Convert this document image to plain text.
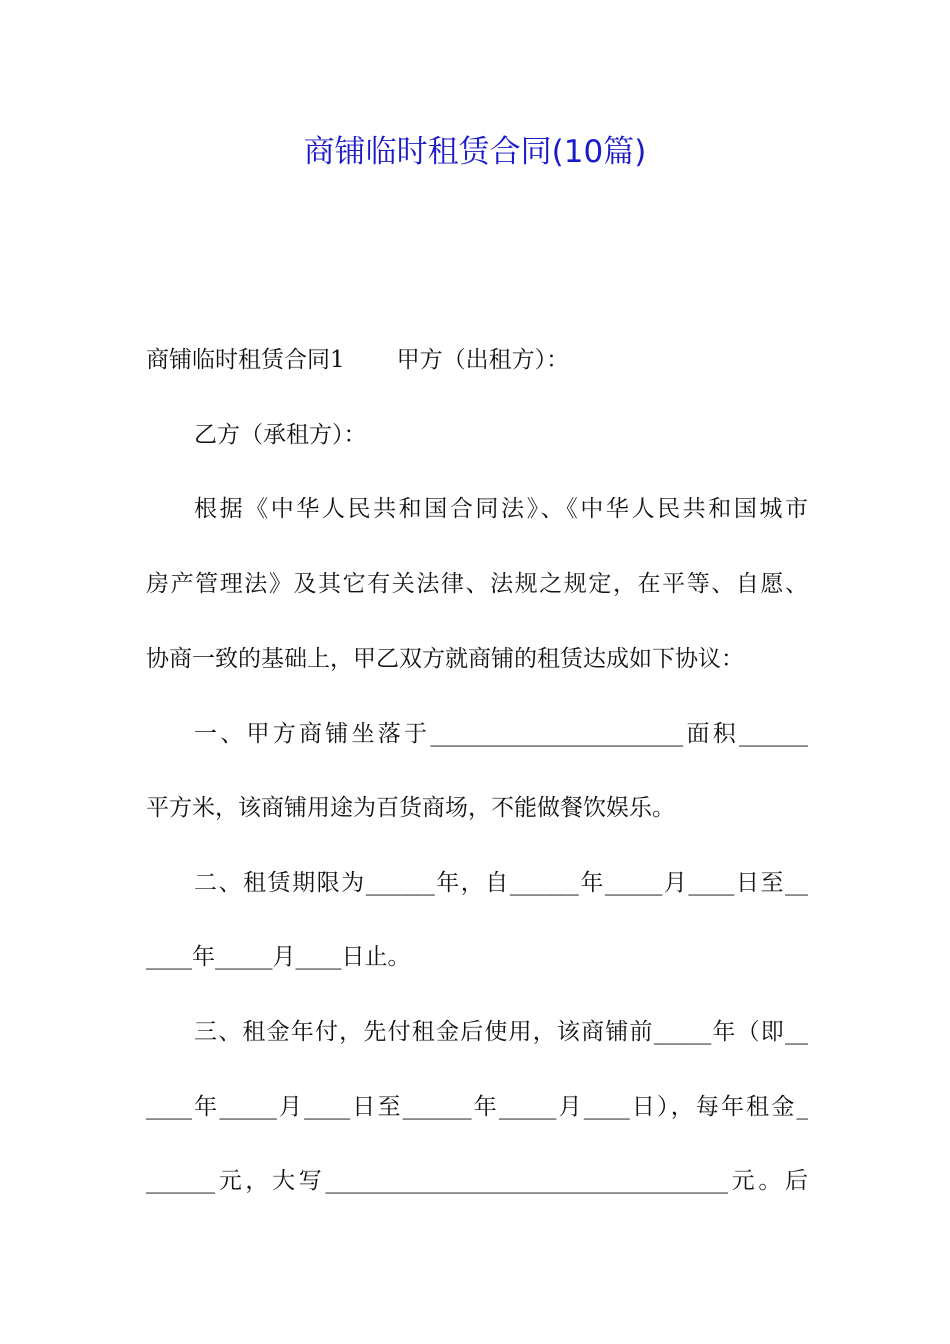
商铺临时租赁合同(10篇)
商铺临时租赁合同1 甲方（出租方）：
乙方（承租方）：
根据《中华人民共和国合同法》、《中华人民共和国城市
房产管理法》及其它有关法律、法规之规定，在平等、自愿、
协商一致的基础上，甲乙双方就商铺的租赁达成如下协议：
一、甲方商铺坐落于______________________面积______
平方米，该商铺用途为百货商场，不能做餐饮娱乐。
二、租赁期限为______年，自______年_____月____日至__
____年_____月____日止。
三、租金年付，先付租金后使用，该商铺前_____年（即__
____年_____月____日至______年_____月____日），每年租金_
______元，大写___________________________________元。后
